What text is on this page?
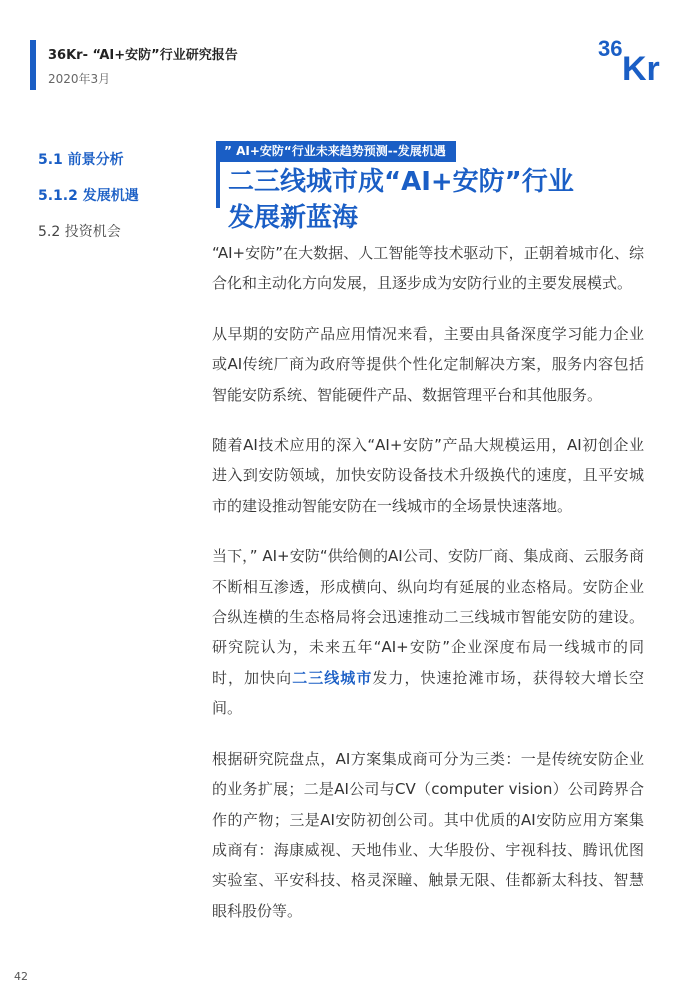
36Kr- “AI+安防”行业研究报告
2020年3月
36
Kr
5.1 前景分析
5.1.2 发展机遇
5.2 投资机会
” AI+安防“行业未来趋势预测--发展机遇
二三线城市成“AI+安防”行业
发展新蓝海

“AI+安防”在大数据、人工智能等技术驱动下，正朝着城市化、综合化和主动化方向发展，且逐步成为安防行业的主要发展模式。

从早期的安防产品应用情况来看，主要由具备深度学习能力企业或AI传统厂商为政府等提供个性化定制解决方案，服务内容包括智能安防系统、智能硬件产品、数据管理平台和其他服务。

随着AI技术应用的深入“AI+安防”产品大规模运用，AI初创企业进入到安防领域，加快安防设备技术升级换代的速度，且平安城市的建设推动智能安防在一线城市的全场景快速落地。

当下，” AI+安防“供给侧的AI公司、安防厂商、集成商、云服务商不断相互渗透，形成横向、纵向均有延展的业态格局。安防企业合纵连横的生态格局将会迅速推动二三线城市智能安防的建设。研究院认为，未来五年“AI+安防”企业深度布局一线城市的同时，加快向二三线城市发力，快速抢滩市场，获得较大增长空间。

根据研究院盘点，AI方案集成商可分为三类：一是传统安防企业的业务扩展；二是AI公司与CV（computer vision）公司跨界合作的产物；三是AI安防初创公司。其中优质的AI安防应用方案集成商有：海康威视、天地伟业、大华股份、宇视科技、腾讯优图实验室、平安科技、格灵深瞳、触景无限、佳都新太科技、智慧眼科股份等。

42
